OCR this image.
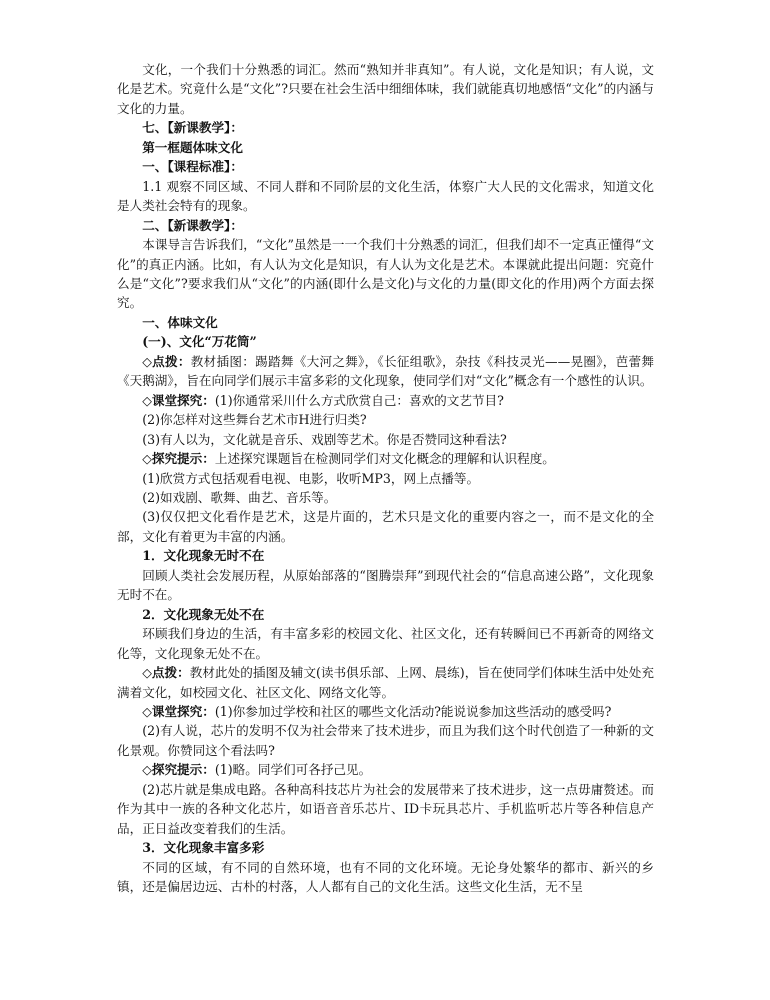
文化，一个我们十分熟悉的词汇。然而“熟知并非真知”。有人说，文化是知识；有人说，文化是艺术。究竟什么是“文化”?只要在社会生活中细细体味，我们就能真切地感悟“文化”的内涵与文化的力量。

七、【新课教学】：

第一框题体味文化

一、【课程标准】：

1.1 观察不同区域、不同人群和不同阶层的文化生活，体察广大人民的文化需求，知道文化是人类社会特有的现象。

二、【新课教学】：

本课导言告诉我们，“文化”虽然是一一个我们十分熟悉的词汇，但我们却不一定真正懂得“文化”的真正内涵。比如，有人认为文化是知识，有人认为文化是艺术。本课就此提出问题：究竟什么是“文化”?要求我们从“文化”的内涵(即什么是文化)与文化的力量(即文化的作用)两个方面去探究。

一、体味文化

(一)、文化“万花筒”

◇点拨：教材插图：踢踏舞《大河之舞》，《长征组歌》，杂技《科技灵光——晃圈》，芭蕾舞《天鹅湖》，旨在向同学们展示丰富多彩的文化现象，使同学们对“文化”概念有一个感性的认识。

◇课堂探究：(1)你通常采川什么方式欣赏自己：喜欢的文艺节目?

(2)你怎样对这些舞台艺术市H进行归类?

(3)有人以为，文化就是音乐、戏剧等艺术。你是否赞同这种看法?

◇探究提示：上述探究课题旨在检测同学们对文化概念的理解和认识程度。

(1)欣赏方式包括观看电视、电影，收听MP3，网上点播等。

(2)如戏剧、歌舞、曲艺、音乐等。

(3)仅仅把文化看作是艺术，这是片面的，艺术只是文化的重要内容之一，而不是文化的全部，文化有着更为丰富的内涵。

1．文化现象无时不在

回顾人类社会发展历程，从原始部落的“图腾崇拜”到现代社会的“信息高速公路”，文化现象无时不在。

2．文化现象无处不在

环顾我们身边的生活，有丰富多彩的校园文化、社区文化，还有转瞬间已不再新奇的网络文化等，文化现象无处不在。

◇点拨：教材此处的插图及辅文(读书俱乐部、上网、晨练)，旨在使同学们体味生活中处处充满着文化，如校园文化、社区文化、网络文化等。

◇课堂探究：(1)你参加过学校和社区的哪些文化活动?能说说参加这些活动的感受吗?

(2)有人说，芯片的发明不仅为社会带来了技术进步，而且为我们这个时代创造了一种新的文化景观。你赞同这个看法吗?

◇探究提示：(1)略。同学们可各抒己见。

(2)芯片就是集成电路。各种高科技芯片为社会的发展带来了技术进步，这一点毋庸赘述。而作为其中一族的各种文化芯片，如语音音乐芯片、ID卡玩具芯片、手机监听芯片等各种信息产品，正日益改变着我们的生活。

3．文化现象丰富多彩

不同的区域，有不同的自然环境，也有不同的文化环境。无论身处繁华的都市、新兴的乡镇，还是偏居边远、古朴的村落，人人都有自己的文化生活。这些文化生活，无不呈
